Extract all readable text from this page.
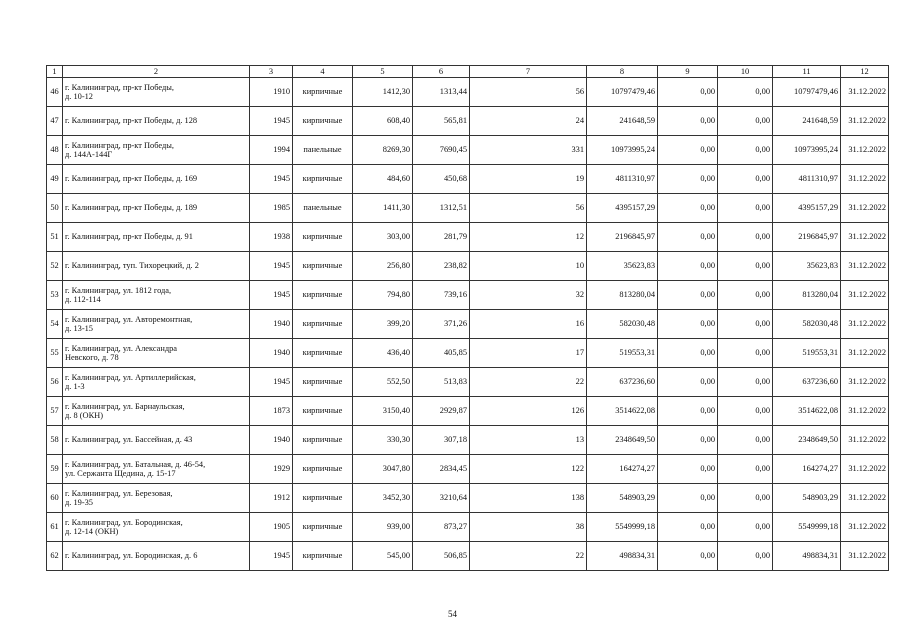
1	2	3	4	5	6	7	8	9	10	11	12
46	г. Калининград, пр-кт Победы,
д. 10-12	1910	кирпичные	1412,30	1313,44	56	10797479,46	0,00	0,00	10797479,46	31.12.2022
47	г. Калининград, пр-кт Победы, д. 128	1945	кирпичные	608,40	565,81	24	241648,59	0,00	0,00	241648,59	31.12.2022
48	г. Калининград, пр-кт Победы,
д. 144А-144Г	1994	панельные	8269,30	7690,45	331	10973995,24	0,00	0,00	10973995,24	31.12.2022
49	г. Калининград, пр-кт Победы, д. 169	1945	кирпичные	484,60	450,68	19	4811310,97	0,00	0,00	4811310,97	31.12.2022
50	г. Калининград, пр-кт Победы, д. 189	1985	панельные	1411,30	1312,51	56	4395157,29	0,00	0,00	4395157,29	31.12.2022
51	г. Калининград, пр-кт Победы, д. 91	1938	кирпичные	303,00	281,79	12	2196845,97	0,00	0,00	2196845,97	31.12.2022
52	г. Калининград, туп. Тихорецкий, д. 2	1945	кирпичные	256,80	238,82	10	35623,83	0,00	0,00	35623,83	31.12.2022
53	г. Калининград, ул. 1812 года,
д. 112-114	1945	кирпичные	794,80	739,16	32	813280,04	0,00	0,00	813280,04	31.12.2022
54	г. Калининград, ул. Авторемонтная,
д. 13-15	1940	кирпичные	399,20	371,26	16	582030,48	0,00	0,00	582030,48	31.12.2022
55	г. Калининград, ул. Александра
Невского, д. 78	1940	кирпичные	436,40	405,85	17	519553,31	0,00	0,00	519553,31	31.12.2022
56	г. Калининград, ул. Артиллерийская,
д. 1-3	1945	кирпичные	552,50	513,83	22	637236,60	0,00	0,00	637236,60	31.12.2022
57	г. Калининград, ул. Барнаульская,
д. 8 (ОКН)	1873	кирпичные	3150,40	2929,87	126	3514622,08	0,00	0,00	3514622,08	31.12.2022
58	г. Калининград, ул. Бассейная, д. 43	1940	кирпичные	330,30	307,18	13	2348649,50	0,00	0,00	2348649,50	31.12.2022
59	г. Калининград, ул. Батальная, д. 46-54,
ул. Сержанта Щедина, д. 15-17	1929	кирпичные	3047,80	2834,45	122	164274,27	0,00	0,00	164274,27	31.12.2022
60	г. Калининград, ул. Березовая,
д. 19-35	1912	кирпичные	3452,30	3210,64	138	548903,29	0,00	0,00	548903,29	31.12.2022
61	г. Калининград, ул. Бородинская,
д. 12-14 (ОКН)	1905	кирпичные	939,00	873,27	38	5549999,18	0,00	0,00	5549999,18	31.12.2022
62	г. Калининград, ул. Бородинская, д. 6	1945	кирпичные	545,00	506,85	22	498834,31	0,00	0,00	498834,31	31.12.2022
54
